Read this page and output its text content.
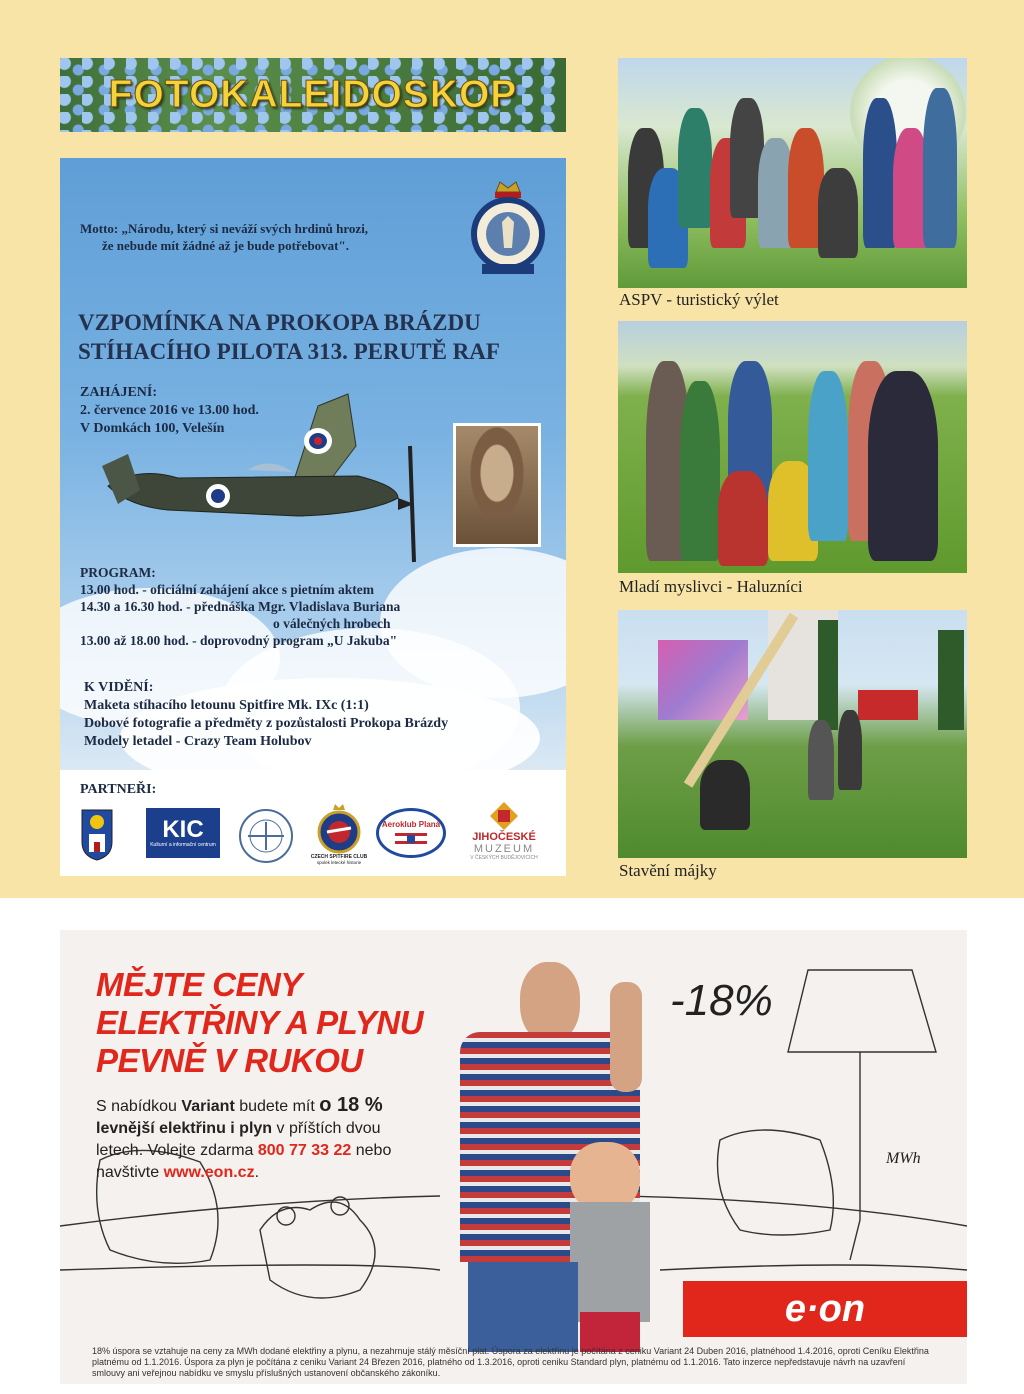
FOTOKALEIDOSKOP
Motto: „Národu, který si neváží svých hrdinů hrozi,
že nebude mít žádné až je bude potřebovat".
VZPOMÍNKA NA PROKOPA BRÁZDU
STÍHACÍHO PILOTA 313. PERUTĚ RAF
ZAHÁJENÍ:
2. července 2016 ve 13.00 hod.
V Domkách 100, Velešín
PROGRAM:
13.00 hod. - oficiální zahájení akce s pietním aktem
14.30 a 16.30 hod. - přednáška Mgr. Vladislava Buriana
o válečných hrobech
13.00 až 18.00 hod. - doprovodný program „U Jakuba"
K VIDĚNÍ:
Maketa stíhacího letounu Spitfire Mk. IXc (1:1)
Dobové fotografie a předměty z pozůstalosti Prokopa Brázdy
Modely letadel - Crazy Team Holubov
PARTNEŘI:
KIC
Kulturní a informační centrum
CZECH SPITFIRE CLUB
spolek letecké historie
Aeroklub Planá
JIHOČESKÉ
MUZEUM
V ČESKÝCH BUDĚJOVICÍCH
ASPV - turistický výlet
Mladí myslivci - Haluzníci
Stavění májky
MĚJTE CENY
ELEKTŘINY A PLYNU
PEVNĚ V RUKOU
S nabídkou Variant budete mít o 18 % levnější elektřinu i plyn v příštích dvou letech. Volejte zdarma 800 77 33 22 nebo navštivte www.eon.cz.
-18%
MWh
e·on
18% úspora se vztahuje na ceny za MWh dodané elektřiny a plynu, a nezahrnuje stálý měsíční plat. Úspora za elektřinu je počítána z ceniku Variant 24 Duben 2016, platnéhood 1.4.2016, oproti Ceníku Elektřina platnému od 1.1.2016. Úspora za plyn je počítána z ceniku Variant 24 Březen 2016, platného od 1.3.2016, oproti ceniku Standard plyn, platnému od 1.1.2016. Tato inzerce nepředstavuje návrh na uzavření smlouvy ani veřejnou nabídku ve smyslu příslušných ustanovení občanského zákoníku.
